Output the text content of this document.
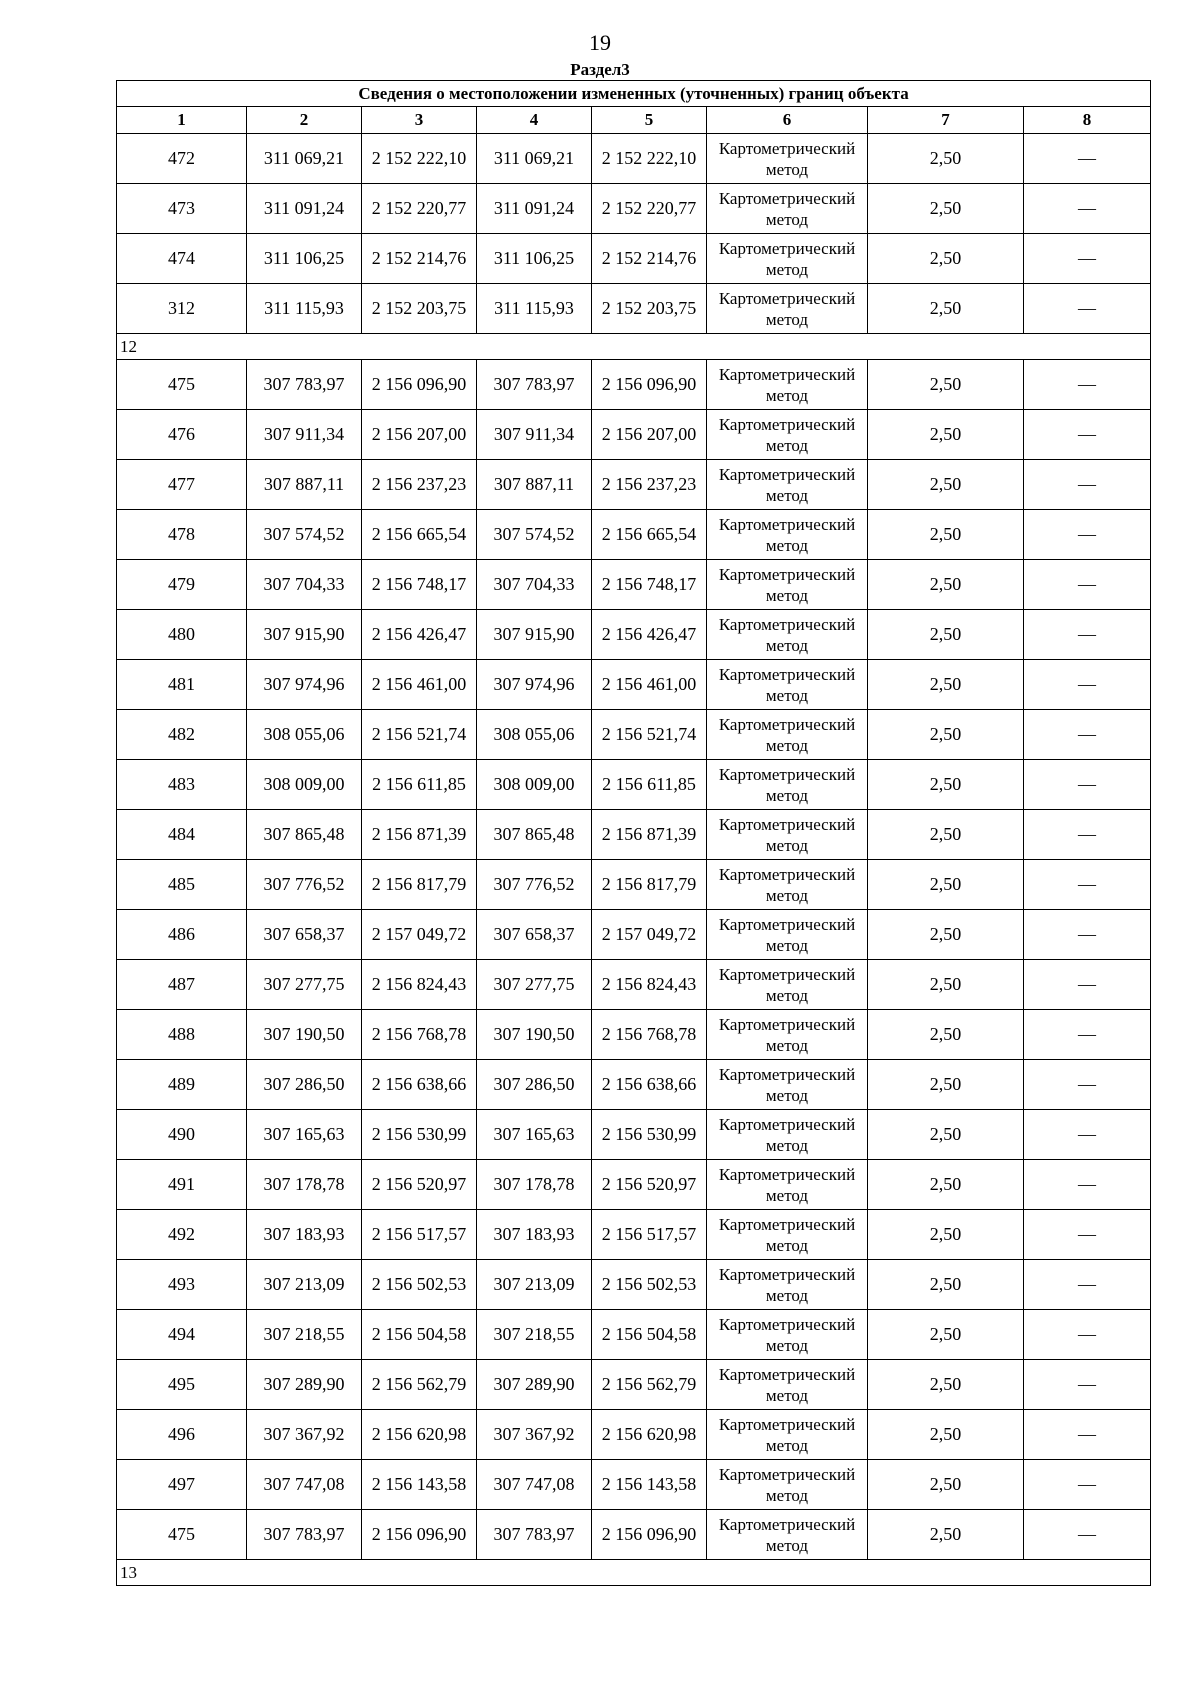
19
Раздел3
Сведения о местоположении измененных (уточненных) границ объекта							
1	2	3	4	5	6	7	8
472	311 069,21	2 152 222,10	311 069,21	2 152 222,10	Картометрический метод	2,50	—
473	311 091,24	2 152 220,77	311 091,24	2 152 220,77	Картометрический метод	2,50	—
474	311 106,25	2 152 214,76	311 106,25	2 152 214,76	Картометрический метод	2,50	—
312	311 115,93	2 152 203,75	311 115,93	2 152 203,75	Картометрический метод	2,50	—
12							
475	307 783,97	2 156 096,90	307 783,97	2 156 096,90	Картометрический метод	2,50	—
476	307 911,34	2 156 207,00	307 911,34	2 156 207,00	Картометрический метод	2,50	—
477	307 887,11	2 156 237,23	307 887,11	2 156 237,23	Картометрический метод	2,50	—
478	307 574,52	2 156 665,54	307 574,52	2 156 665,54	Картометрический метод	2,50	—
479	307 704,33	2 156 748,17	307 704,33	2 156 748,17	Картометрический метод	2,50	—
480	307 915,90	2 156 426,47	307 915,90	2 156 426,47	Картометрический метод	2,50	—
481	307 974,96	2 156 461,00	307 974,96	2 156 461,00	Картометрический метод	2,50	—
482	308 055,06	2 156 521,74	308 055,06	2 156 521,74	Картометрический метод	2,50	—
483	308 009,00	2 156 611,85	308 009,00	2 156 611,85	Картометрический метод	2,50	—
484	307 865,48	2 156 871,39	307 865,48	2 156 871,39	Картометрический метод	2,50	—
485	307 776,52	2 156 817,79	307 776,52	2 156 817,79	Картометрический метод	2,50	—
486	307 658,37	2 157 049,72	307 658,37	2 157 049,72	Картометрический метод	2,50	—
487	307 277,75	2 156 824,43	307 277,75	2 156 824,43	Картометрический метод	2,50	—
488	307 190,50	2 156 768,78	307 190,50	2 156 768,78	Картометрический метод	2,50	—
489	307 286,50	2 156 638,66	307 286,50	2 156 638,66	Картометрический метод	2,50	—
490	307 165,63	2 156 530,99	307 165,63	2 156 530,99	Картометрический метод	2,50	—
491	307 178,78	2 156 520,97	307 178,78	2 156 520,97	Картометрический метод	2,50	—
492	307 183,93	2 156 517,57	307 183,93	2 156 517,57	Картометрический метод	2,50	—
493	307 213,09	2 156 502,53	307 213,09	2 156 502,53	Картометрический метод	2,50	—
494	307 218,55	2 156 504,58	307 218,55	2 156 504,58	Картометрический метод	2,50	—
495	307 289,90	2 156 562,79	307 289,90	2 156 562,79	Картометрический метод	2,50	—
496	307 367,92	2 156 620,98	307 367,92	2 156 620,98	Картометрический метод	2,50	—
497	307 747,08	2 156 143,58	307 747,08	2 156 143,58	Картометрический метод	2,50	—
475	307 783,97	2 156 096,90	307 783,97	2 156 096,90	Картометрический метод	2,50	—
13							
